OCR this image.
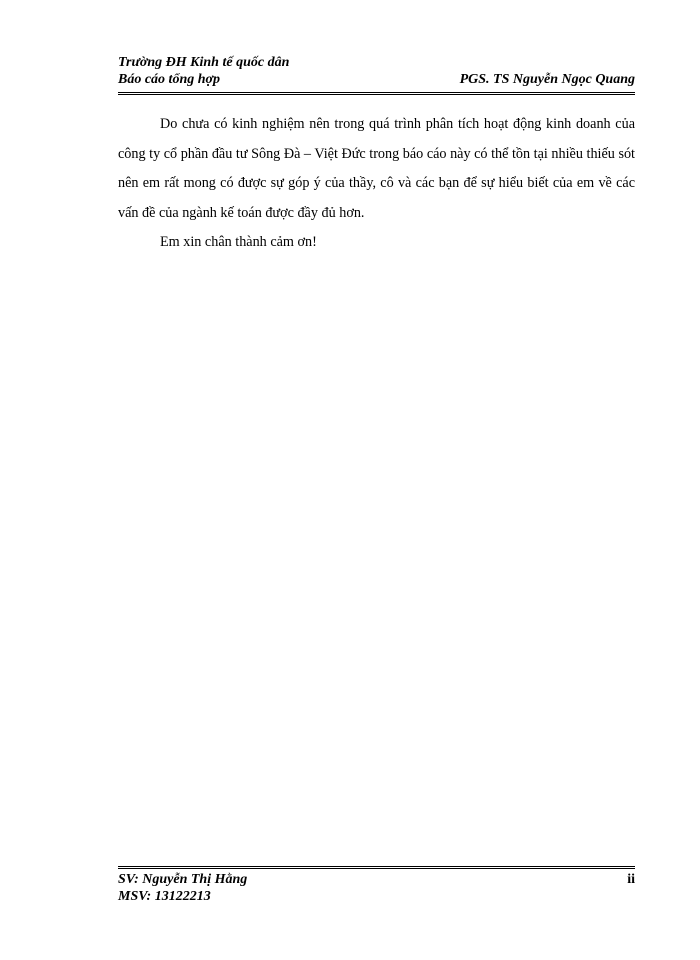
Trường ĐH Kinh tế quốc dân
Báo cáo tổng hợp	PGS. TS Nguyễn Ngọc Quang

Do chưa có kinh nghiệm nên trong quá trình phân tích hoạt động kinh doanh của công ty cổ phần đầu tư Sông Đà – Việt Đức trong báo cáo này có thể tồn tại nhiều thiếu sót nên em rất mong có được sự góp ý của thầy, cô và các bạn để sự hiểu biết của em về các vấn đề của ngành kế toán được đầy đủ hơn.

Em xin chân thành cảm ơn!

SV: Nguyễn Thị Hằng	ii
MSV: 13122213
